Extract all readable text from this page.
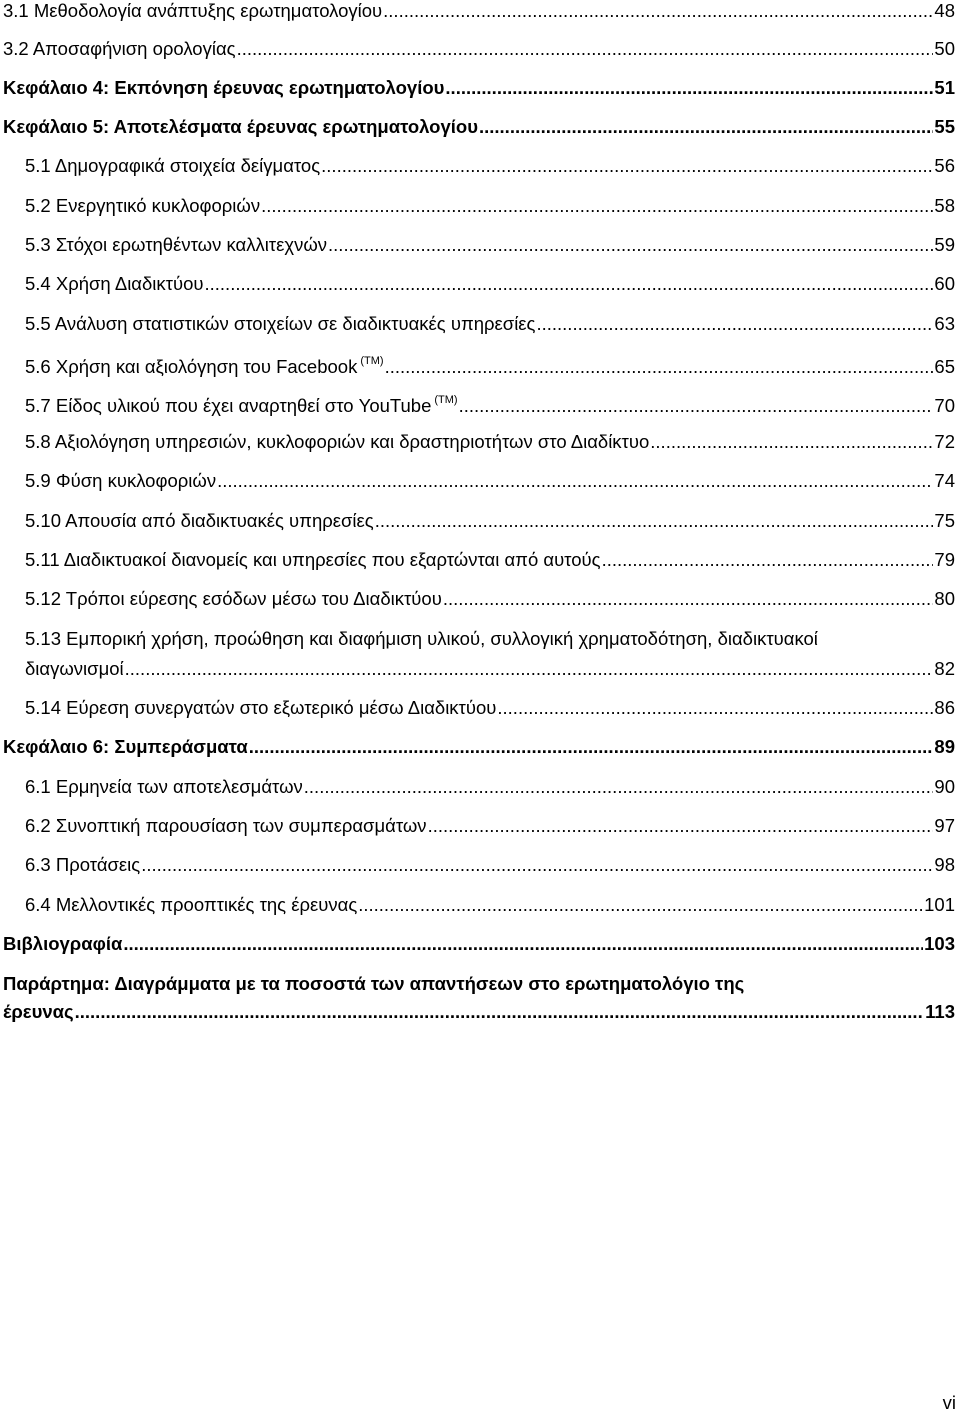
3.1 Μεθοδολογία ανάπτυξης ερωτηματολογίου .....	48
3.2 Αποσαφήνιση ορολογίας .....	50
Κεφάλαιο 4: Εκπόνηση έρευνας ερωτηματολογίου .....	51
Κεφάλαιο 5: Αποτελέσματα έρευνας ερωτηματολογίου .....	55
5.1 Δημογραφικά στοιχεία δείγματος .....	56
5.2 Ενεργητικό κυκλοφοριών .....	58
5.3 Στόχοι ερωτηθέντων καλλιτεχνών .....	59
5.4 Χρήση Διαδικτύου .....	60
5.5 Ανάλυση στατιστικών στοιχείων σε διαδικτυακές υπηρεσίες .....	63
5.6 Χρήση και αξιολόγηση του Facebook $^{(TM)}$ .....	65
5.7 Είδος υλικού που έχει αναρτηθεί στο YouTube $^{(TM)}$ .....	70
5.8 Αξιολόγηση υπηρεσιών, κυκλοφοριών και δραστηριοτήτων στο Διαδίκτυο .....	72
5.9 Φύση κυκλοφοριών .....	74
5.10 Απουσία από διαδικτυακές υπηρεσίες .....	75
5.11 Διαδικτυακοί διανομείς και υπηρεσίες που εξαρτώνται από αυτούς .....	79
5.12 Τρόποι εύρεσης εσόδων μέσω του Διαδικτύου .....	80
5.13 Εμπορική χρήση, προώθηση και διαφήμιση υλικού, συλλογική χρηματοδότηση, διαδικτυακοί
διαγωνισμοί .....	82
5.14 Εύρεση συνεργατών στο εξωτερικό μέσω Διαδικτύου .....	86
Κεφάλαιο 6: Συμπεράσματα .....	89
6.1 Ερμηνεία των αποτελεσμάτων .....	90
6.2 Συνοπτική παρουσίαση των συμπερασμάτων .....	97
6.3 Προτάσεις .....	98
6.4 Μελλοντικές προοπτικές της έρευνας .....	101
Βιβλιογραφία .....	103
Παράρτημα: Διαγράμματα με τα ποσοστά των απαντήσεων στο ερωτηματολόγιο της
έρευνας .....	113
vi
